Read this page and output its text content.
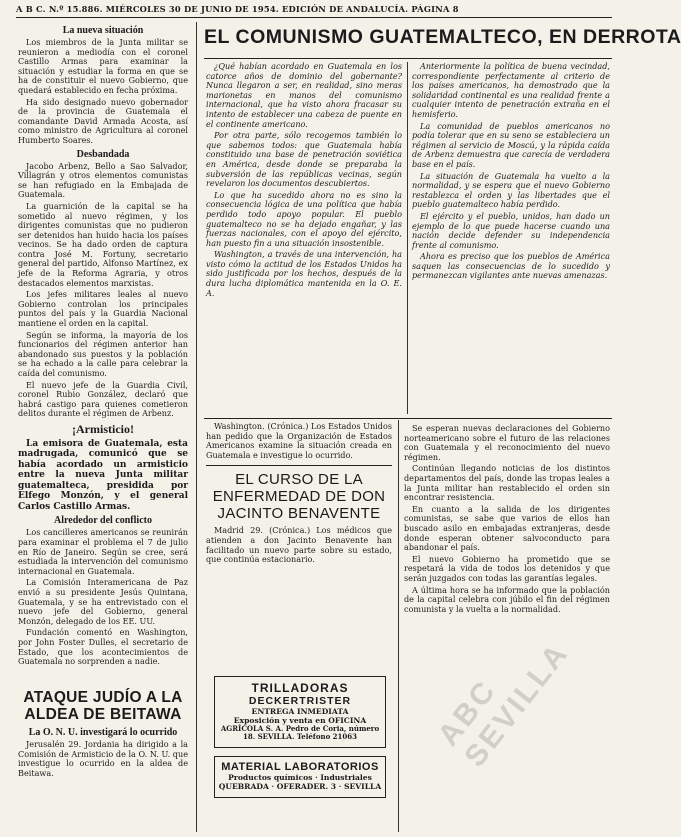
A B C. N.º 15.886. MIÉRCOLES 30 DE JUNIO DE 1954. EDICIÓN DE ANDALUCÍA. PÁGINA 8
La nueva situación

Los miembros de la Junta militar se reunieron a mediodía con el coronel Castillo Armas para examinar la situación y estudiar la forma en que se ha de constituir el nuevo Gobierno, que quedará establecido en fecha próxima.

Ha sido designado nuevo gobernador de la provincia de Guatemala el comandante David Armada Acosta, así como ministro de Agricultura al coronel Humberto Soares.

Desbandada

Jacobo Arbenz, Bello a Sao Salvador, Villagrán y otros elementos comunistas se han refugiado en la Embajada de Guatemala.

La guarnición de la capital se ha sometido al nuevo régimen, y los dirigentes comunistas que no pudieron ser detenidos han huido hacia los países vecinos. Se ha dado orden de captura contra José M. Fortuny, secretario general del partido, Alfonso Martínez, ex jefe de la Reforma Agraria, y otros destacados elementos marxistas.

Los jefes militares leales al nuevo Gobierno controlan los principales puntos del país y la Guardia Nacional mantiene el orden en la capital.

Según se informa, la mayoría de los funcionarios del régimen anterior han abandonado sus puestos y la población se ha echado a la calle para celebrar la caída del comunismo.

El nuevo jefe de la Guardia Civil, coronel Rubio González, declaró que habrá castigo para quienes cometieron delitos durante el régimen de Arbenz.

¡Armisticio!

La emisora de Guatemala, esta madrugada, comunicó que se había acordado un armisticio entre la nueva Junta militar guatemalteca, presidida por Elfego Monzón, y el general Carlos Castillo Armas.

Alrededor del conflicto

Los cancilleres americanos se reunirán para examinar el problema el 7 de julio en Río de Janeiro. Según se cree, será estudiada la intervención del comunismo internacional en Guatemala.

La Comisión Interamericana de Paz envió a su presidente Jesús Quintana, Guatemala, y se ha entrevistado con el nuevo jefe del Gobierno, general Monzón, delegado de los EE. UU.

Fundación comentó en Washington, por John Foster Dulles, el secretario de Estado, que los acontecimientos de Guatemala no sorprenden a nadie.

ATAQUE JUDÍO A LA ALDEA DE BEITAWA
La O. N. U. investigará lo ocurrido

Jerusalén 29. Jordania ha dirigido a la Comisión de Armisticio de la O. N. U. que investigue lo ocurrido en la aldea de Beitawa.

EL COMUNISMO GUATEMALTECO, EN DERROTA

¿Qué habían acordado en Guatemala en los catorce años de dominio del gobernante? Nunca llegaron a ser, en realidad, sino meras marionetas en manos del comunismo internacional, que ha visto ahora fracasar su intento de establecer una cabeza de puente en el continente americano.

Por otra parte, sólo recogemos también lo que sabemos todos: que Guatemala había constituido una base de penetración soviética en América, desde donde se preparaba la subversión de las repúblicas vecinas, según revelaron los documentos descubiertos.

Lo que ha sucedido ahora no es sino la consecuencia lógica de una política que había perdido todo apoyo popular. El pueblo guatemalteco no se ha dejado engañar, y las fuerzas nacionales, con el apoyo del ejército, han puesto fin a una situación insostenible.

Washington, a través de una intervención, ha visto cómo la actitud de los Estados Unidos ha sido justificada por los hechos, después de la dura lucha diplomática mantenida en la O. E. A.

Anteriormente la política de buena vecindad, correspondiente perfectamente al criterio de los países americanos, ha demostrado que la solidaridad continental es una realidad frente a cualquier intento de penetración extraña en el hemisferio.

La comunidad de pueblos americanos no podía tolerar que en su seno se estableciera un régimen al servicio de Moscú, y la rápida caída de Arbenz demuestra que carecía de verdadera base en el país.

La situación de Guatemala ha vuelto a la normalidad, y se espera que el nuevo Gobierno restablezca el orden y las libertades que el pueblo guatemalteco había perdido.

El ejército y el pueblo, unidos, han dado un ejemplo de lo que puede hacerse cuando una nación decide defender su independencia frente al comunismo.

Ahora es preciso que los pueblos de América saquen las consecuencias de lo sucedido y permanezcan vigilantes ante nuevas amenazas.

Washington. (Crónica.) Los Estados Unidos han pedido que la Organización de Estados Americanos examine la situación creada en Guatemala e investigue lo ocurrido.

EL CURSO DE LA ENFERMEDAD DE DON JACINTO BENAVENTE

Madrid 29. (Crónica.) Los médicos que atienden a don Jacinto Benavente han facilitado un nuevo parte sobre su estado, que continúa estacionario.

TRILLADORAS
DECKERTRISTER
ENTREGA INMEDIATA
Exposición y venta en OFICINA
AGRÍCOLA S. A. Pedro de Coria, número 18. SEVILLA. Teléfono 21063
MATERIAL LABORATORIOS
Productos químicos · Industriales
QUEBRADA · OFERADER. 3 · SEVILLA

Se esperan nuevas declaraciones del Gobierno norteamericano sobre el futuro de las relaciones con Guatemala y el reconocimiento del nuevo régimen.

Continúan llegando noticias de los distintos departamentos del país, donde las tropas leales a la Junta militar han restablecido el orden sin encontrar resistencia.

En cuanto a la salida de los dirigentes comunistas, se sabe que varios de ellos han buscado asilo en embajadas extranjeras, desde donde esperan obtener salvoconducto para abandonar el país.

El nuevo Gobierno ha prometido que se respetará la vida de todos los detenidos y que serán juzgados con todas las garantías legales.

A última hora se ha informado que la población de la capital celebra con júbilo el fin del régimen comunista y la vuelta a la normalidad.

ABC SEVILLA
